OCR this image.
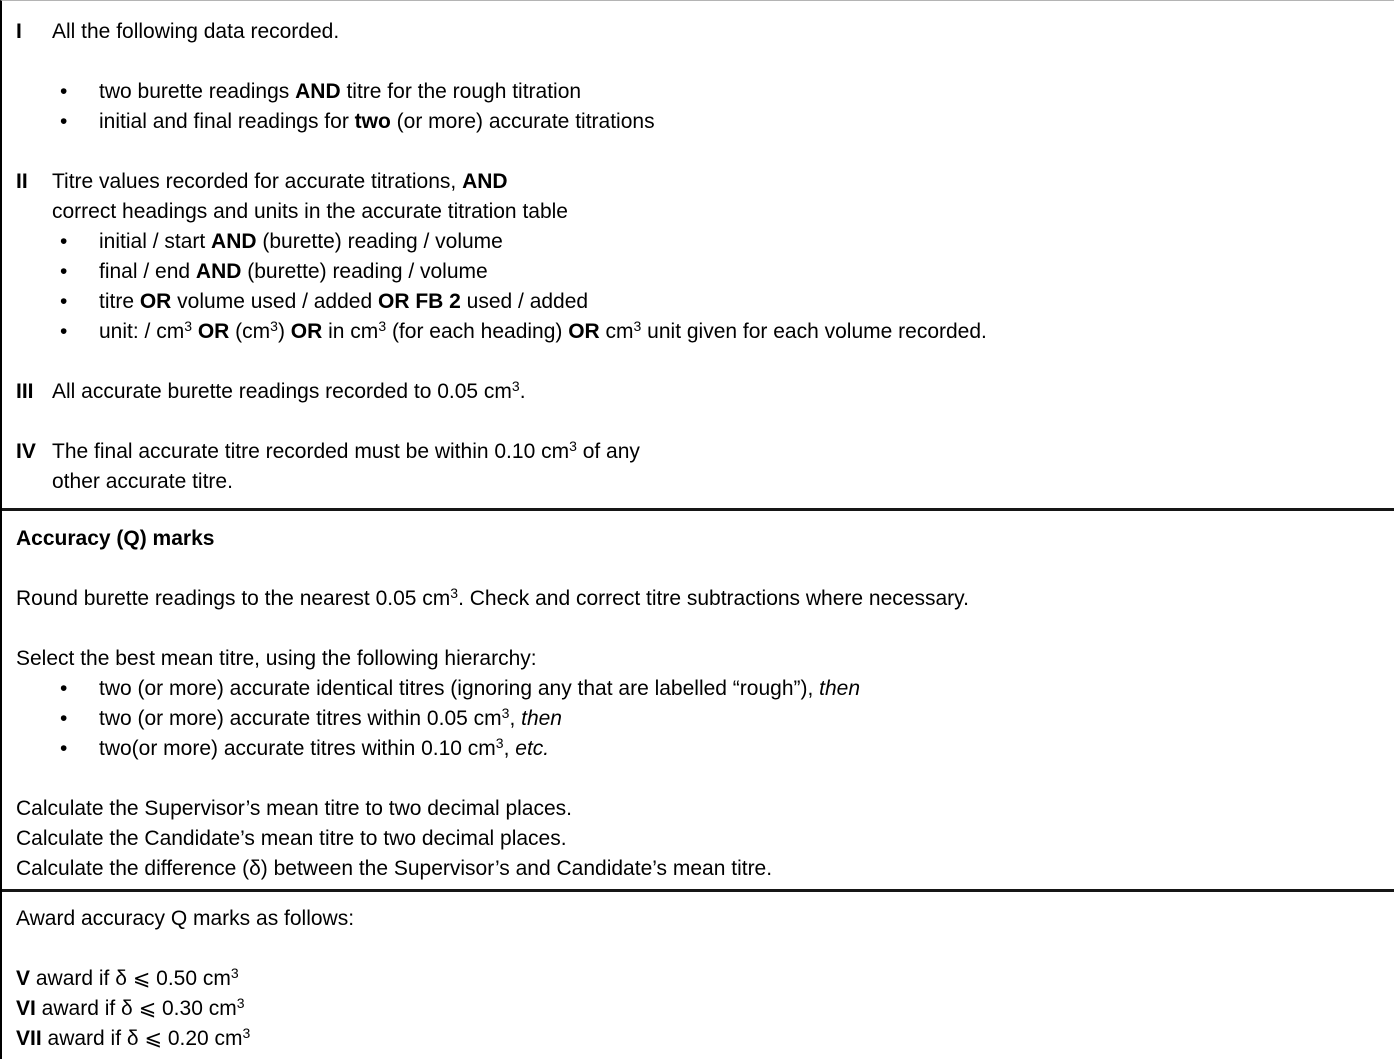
I	All the following data recorded.
•	two burette readings AND titre for the rough titration
•	initial and final readings for two (or more) accurate titrations
II	Titre values recorded for accurate titrations, AND
correct headings and units in the accurate titration table
•	initial / start AND (burette) reading / volume
•	final / end AND (burette) reading / volume
•	titre OR volume used / added OR FB 2 used / added
•	unit: / $cm^3$ OR $(cm^3)$ OR in $cm^3$ (for each heading) OR $cm^3$ unit given for each volume recorded.
III All accurate burette readings recorded to 0.05 $cm^3$.
IV The final accurate titre recorded must be within 0.10 $cm^3$ of any
other accurate titre.
Accuracy (Q) marks
Round burette readings to the nearest 0.05 $cm^3$. Check and correct titre subtractions where necessary.
Select the best mean titre, using the following hierarchy:
•	two (or more) accurate identical titres (ignoring any that are labelled “rough”), then
•	two (or more) accurate titres within 0.05 $cm^3$, then
•	two(or more) accurate titres within 0.10 $cm^3$, etc.
Calculate the Supervisor’s mean titre to two decimal places.
Calculate the Candidate’s mean titre to two decimal places.
Calculate the difference (δ) between the Supervisor’s and Candidate’s mean titre.
Award accuracy Q marks as follows:
V award if δ ⩽ 0.50 $cm^3$
VI award if δ ⩽ 0.30 $cm^3$
VII award if δ ⩽ 0.20 $cm^3$
